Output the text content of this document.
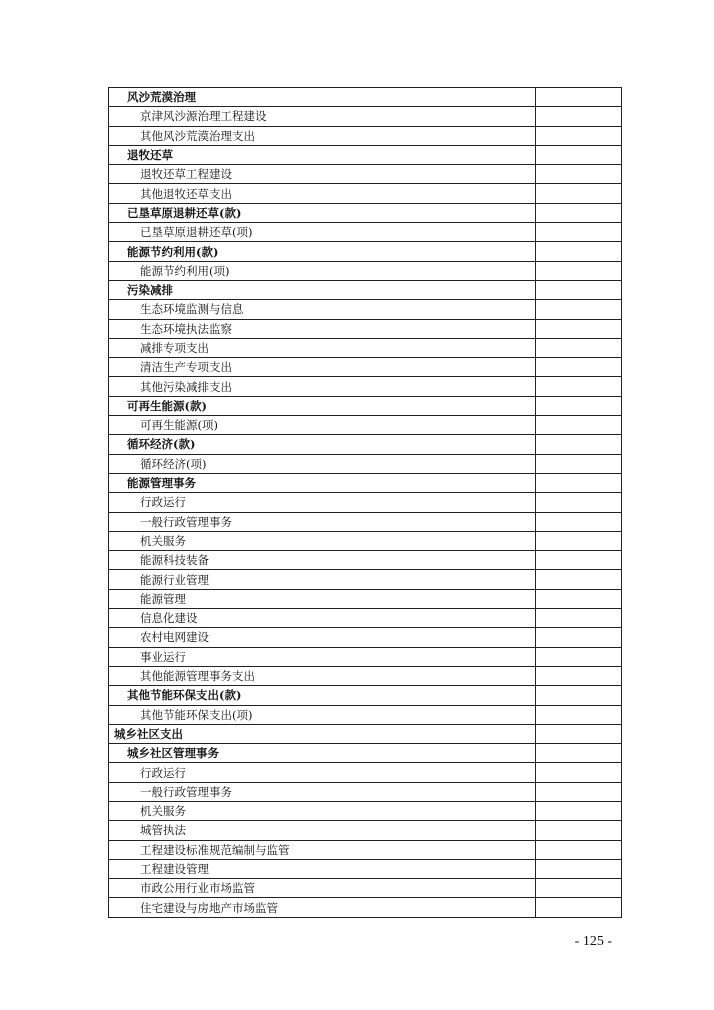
风沙荒漠治理	
京津风沙源治理工程建设	
其他风沙荒漠治理支出	
退牧还草	
退牧还草工程建设	
其他退牧还草支出	
已垦草原退耕还草(款)	
已垦草原退耕还草(项)	
能源节约利用(款)	
能源节约利用(项)	
污染减排	
生态环境监测与信息	
生态环境执法监察	
减排专项支出	
清洁生产专项支出	
其他污染减排支出	
可再生能源(款)	
可再生能源(项)	
循环经济(款)	
循环经济(项)	
能源管理事务	
行政运行	
一般行政管理事务	
机关服务	
能源科技装备	
能源行业管理	
能源管理	
信息化建设	
农村电网建设	
事业运行	
其他能源管理事务支出	
其他节能环保支出(款)	
其他节能环保支出(项)	
城乡社区支出	
城乡社区管理事务	
行政运行	
一般行政管理事务	
机关服务	
城管执法	
工程建设标准规范编制与监管	
工程建设管理	
市政公用行业市场监管	
住宅建设与房地产市场监管	
- 125 -
